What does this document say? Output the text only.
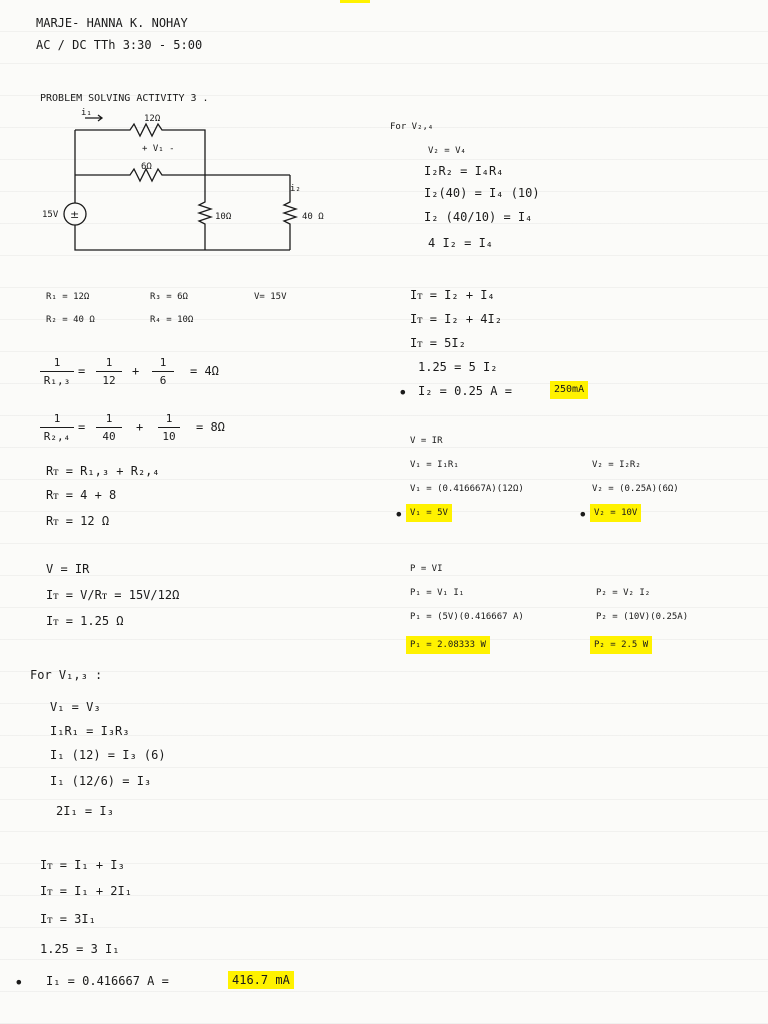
MARJE- HANNA K. NOHAY
AC / DC TTh 3:30 - 5:00
PROBLEM SOLVING ACTIVITY 3 .
±
i₁
12Ω
+ V₁ -
6Ω
15V	10Ω	40 Ω
i₂
R₁ = 12Ω	R₃ = 6Ω	V= 15V
R₂ = 40 Ω	R₄ = 10Ω
1
R₁,₃
=
1
12
+
1
6
= 4Ω
1
R₂,₄
=
1
40
+
1
10
= 8Ω
Rᴛ = R₁,₃ + R₂,₄
Rᴛ = 4 + 8
Rᴛ = 12 Ω
V = IR
Iᴛ = V/Rᴛ = 15V/12Ω
Iᴛ = 1.25 Ω
For V₁,₃ :
V₁ = V₃
I₁R₁ = I₃R₃
I₁ (12) = I₃ (6)
I₁ (12/6) = I₃
2I₁ = I₃
Iᴛ = I₁ + I₃
Iᴛ = I₁ + 2I₁
Iᴛ = 3I₁
1.25 = 3 I₁
• I₁ = 0.416667 A =	416.7 mA
For V₂,₄
V₂ = V₄
I₂R₂ = I₄R₄
I₂(40) = I₄ (10)
I₂ (40/10) = I₄
4 I₂ = I₄
Iᴛ = I₂ + I₄
Iᴛ = I₂ + 4I₂
Iᴛ = 5I₂
1.25 = 5 I₂
• I₂ = 0.25 A =	250mA
V = IR
V₁ = I₁R₁
V₁ = (0.416667A)(12Ω)
• V₁ = 5V
V₂ = I₂R₂
V₂ = (0.25A)(6Ω)
• V₂ = 10V
P = VI
P₁ = V₁ I₁
P₁ = (5V)(0.416667 A)
P₁ = 2.08333 W
P₂ = V₂ I₂
P₂ = (10V)(0.25A)
P₂ = 2.5 W
